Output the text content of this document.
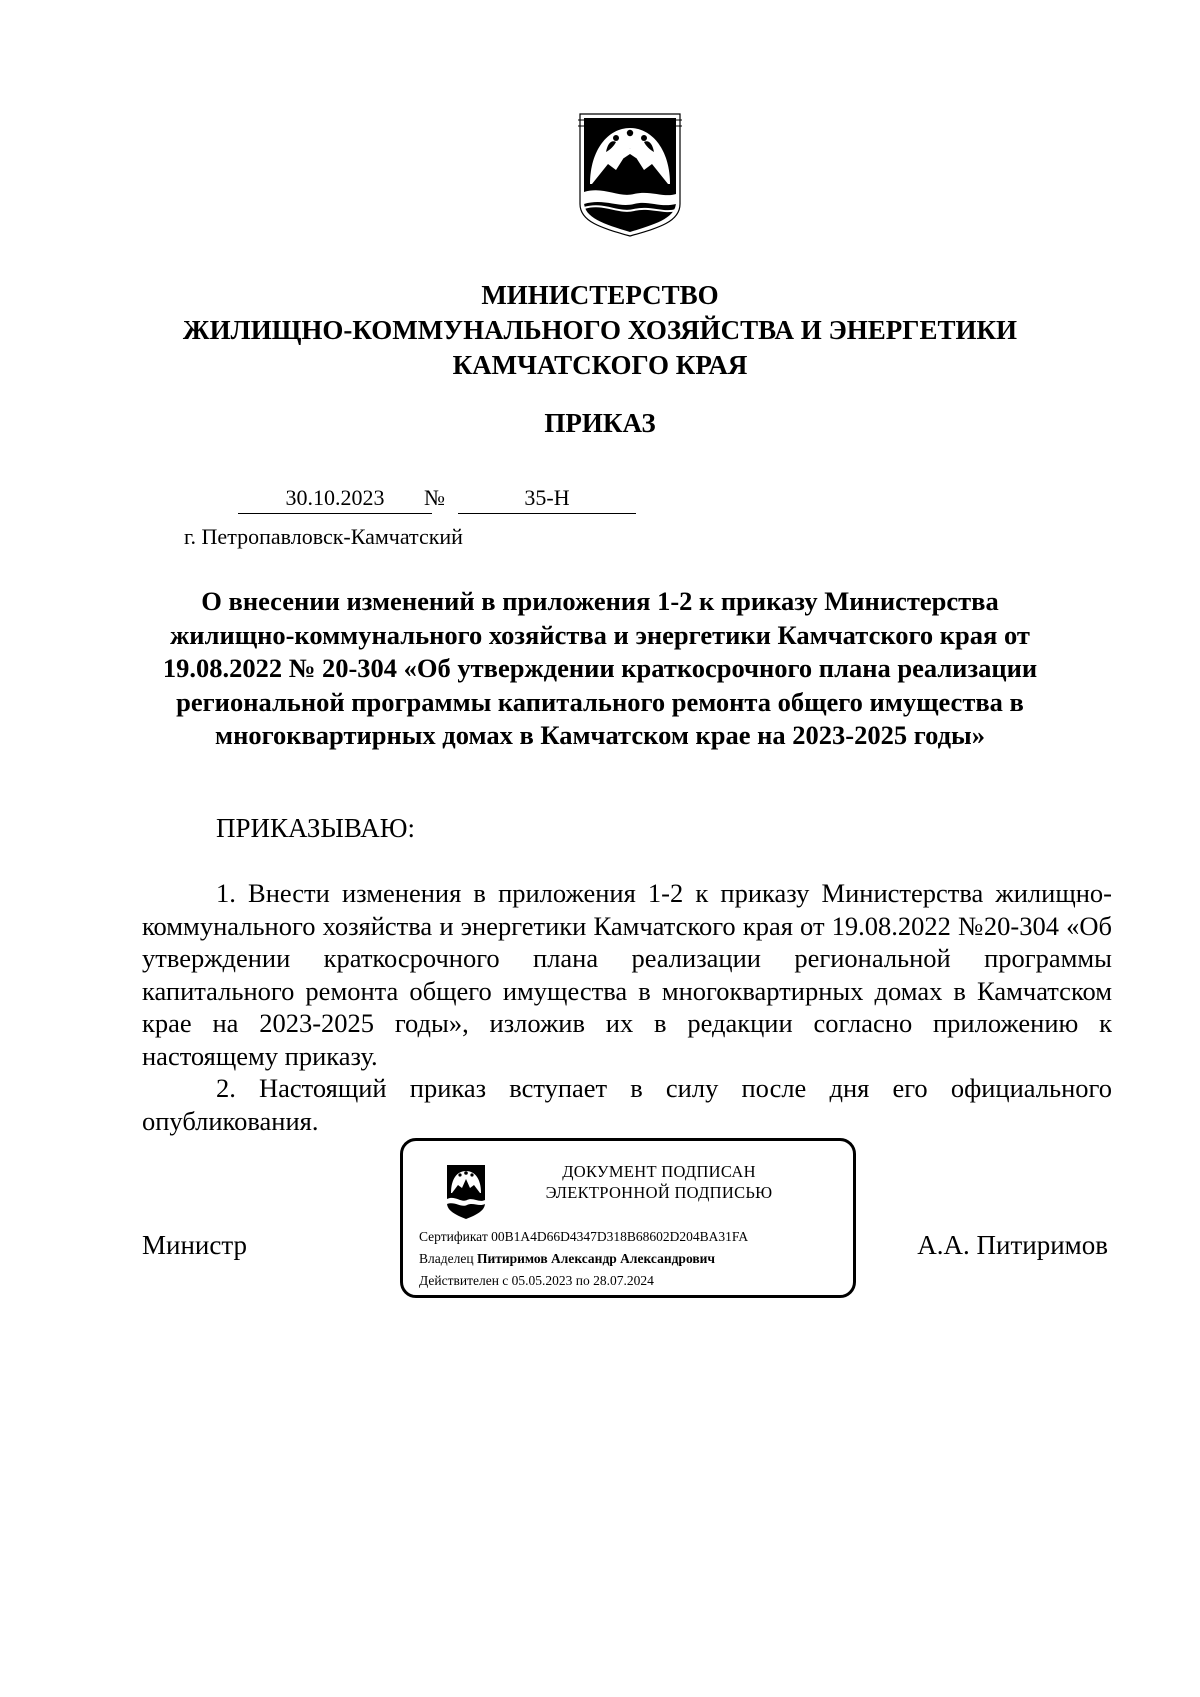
МИНИСТЕРСТВО
ЖИЛИЩНО-КОММУНАЛЬНОГО ХОЗЯЙСТВА И ЭНЕРГЕТИКИ
КАМЧАТСКОГО КРАЯ
ПРИКАЗ
30.10.2023	№	35-Н
г. Петропавловск-Камчатский
О внесении изменений в приложения 1-2 к приказу Министерства
жилищно-коммунального хозяйства и энергетики Камчатского края от
19.08.2022 № 20-304 «Об утверждении краткосрочного плана реализации
региональной программы капитального ремонта общего имущества в
многоквартирных домах в Камчатском крае на 2023-2025 годы»
ПРИКАЗЫВАЮ:

1. Внести изменения в приложения 1-2 к приказу Министерства жилищно-коммунального хозяйства и энергетики Камчатского края от 19.08.2022 №20-304 «Об утверждении краткосрочного плана реализации региональной программы капитального ремонта общего имущества в многоквартирных домах в Камчатском крае на 2023-2025 годы», изложив их в редакции согласно приложению к настоящему приказу.

2. Настоящий приказ вступает в силу после дня его официального опубликования.

Министр	А.А. Питиримов
ДОКУМЕНТ ПОДПИСАН
ЭЛЕКТРОННОЙ ПОДПИСЬЮ
Сертификат 00B1A4D66D4347D318B68602D204BA31FA
Владелец Питиримов Александр Александрович
Действителен с 05.05.2023 по 28.07.2024
